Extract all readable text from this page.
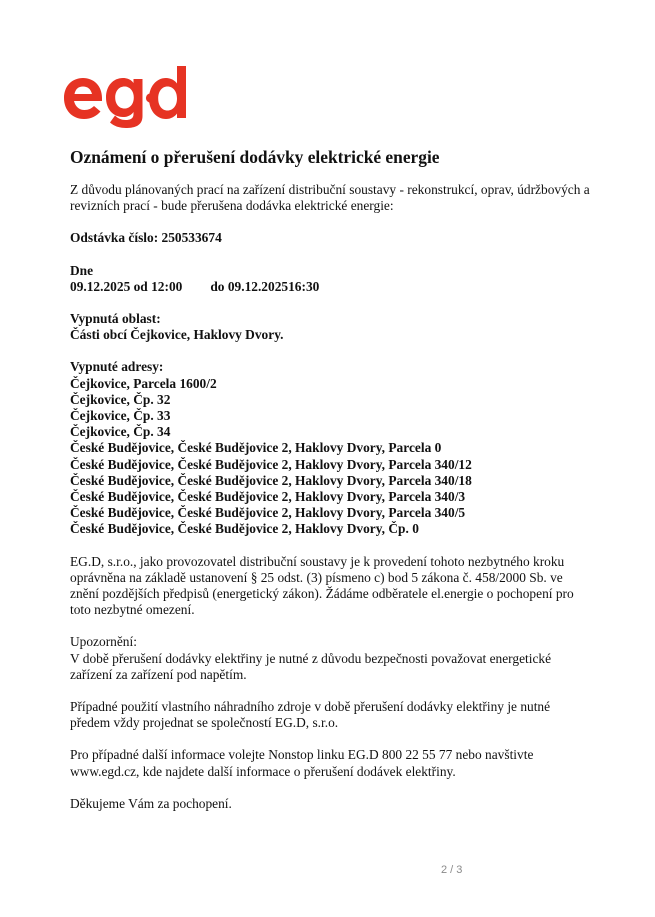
Oznámení o přerušení dodávky elektrické energie

Z důvodu plánovaných prací na zařízení distribuční soustavy - rekonstrukcí, oprav, údržbových a revizních prací - bude přerušena dodávka elektrické energie:

Odstávka číslo: 250533674

Dne

09.12.2025 od 12:00 do 09.12.202516:30

Vypnutá oblast:

Části obcí Čejkovice, Haklovy Dvory.

Vypnuté adresy:

Čejkovice, Parcela 1600/2

Čejkovice, Čp. 32

Čejkovice, Čp. 33

Čejkovice, Čp. 34

České Budějovice, České Budějovice 2, Haklovy Dvory, Parcela 0

České Budějovice, České Budějovice 2, Haklovy Dvory, Parcela 340/12

České Budějovice, České Budějovice 2, Haklovy Dvory, Parcela 340/18

České Budějovice, České Budějovice 2, Haklovy Dvory, Parcela 340/3

České Budějovice, České Budějovice 2, Haklovy Dvory, Parcela 340/5

České Budějovice, České Budějovice 2, Haklovy Dvory, Čp. 0

EG.D, s.r.o., jako provozovatel distribuční soustavy je k provedení tohoto nezbytného kroku oprávněna na základě ustanovení § 25 odst. (3) písmeno c) bod 5 zákona č. 458/2000 Sb. ve znění pozdějších předpisů (energetický zákon). Žádáme odběratele el.energie o pochopení pro toto nezbytné omezení.

Upozornění:

V době přerušení dodávky elektřiny je nutné z důvodu bezpečnosti považovat energetické zařízení za zařízení pod napětím.

Případné použití vlastního náhradního zdroje v době přerušení dodávky elektřiny je nutné předem vždy projednat se společností EG.D, s.r.o.

Pro případné další informace volejte Nonstop linku EG.D 800 22 55 77 nebo navštivte www.egd.cz, kde najdete další informace o přerušení dodávek elektřiny.

Děkujeme Vám za pochopení.

2 / 3
